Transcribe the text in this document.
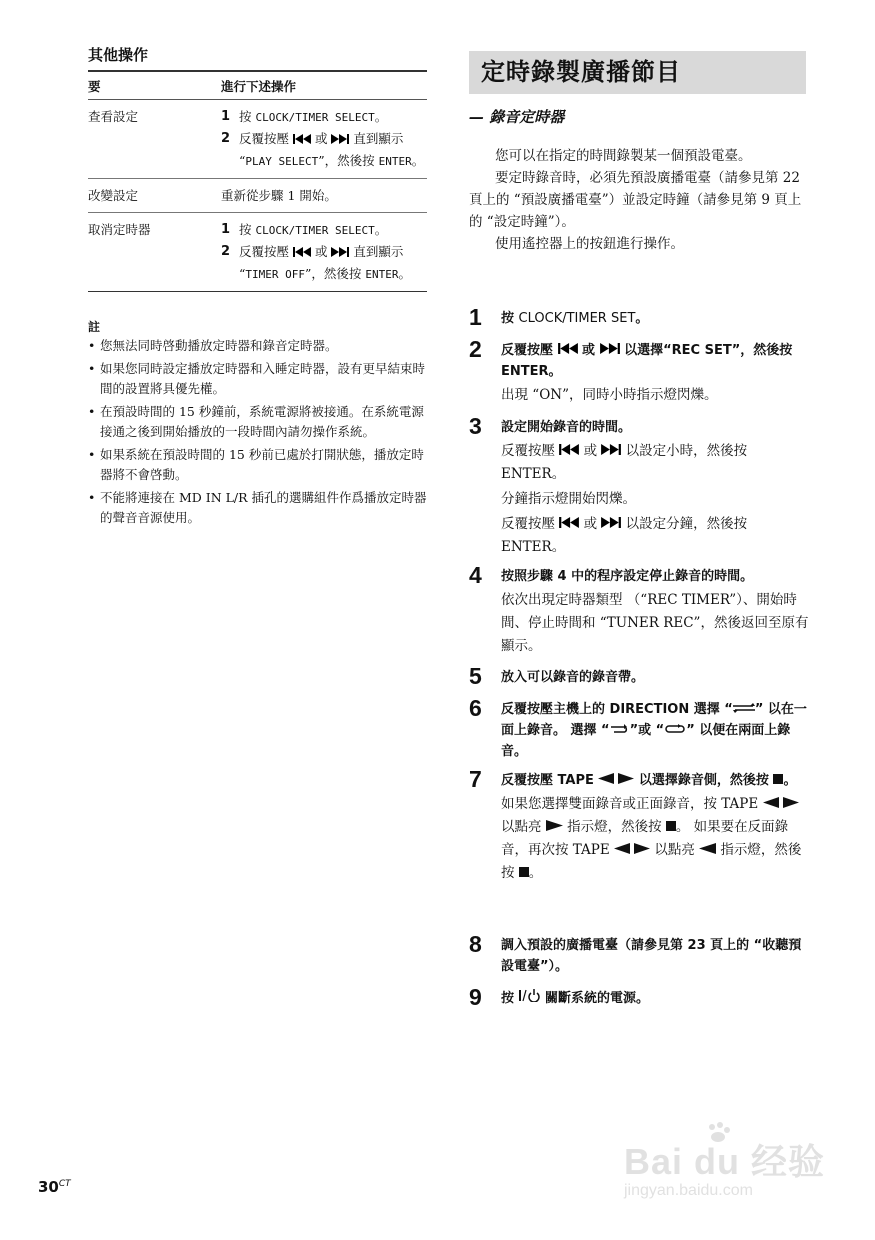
其他操作
要	進行下述操作
查看設定	1 按 CLOCK/TIMER SELECT。
2 反覆按壓  或  直到顯示 “PLAY SELECT”，然後按 ENTER。

改變設定	重新從步驟 1 開始。
取消定時器	1 按 CLOCK/TIMER SELECT。
2 反覆按壓  或  直到顯示 “TIMER OFF”，然後按 ENTER。
註
• 您無法同時啓動播放定時器和錄音定時器。
• 如果您同時設定播放定時器和入睡定時器，設有更早結束時間的設置將具優先權。
• 在預設時間的 15 秒鐘前，系統電源將被接通。在系統電源接通之後到開始播放的一段時間內請勿操作系統。
• 如果系統在預設時間的 15 秒前已處於打開狀態，播放定時器將不會啓動。
• 不能將連接在 MD IN L/R 插孔的選購組件作爲播放定時器的聲音音源使用。
定時錄製廣播節目
— 錄音定時器

您可以在指定的時間錄製某一個預設電臺。

要定時錄音時，必須先預設廣播電臺（請參見第 22 頁上的 “預設廣播電臺”）並設定時鐘（請參見第 9 頁上的 “設定時鐘”）。

使用遙控器上的按鈕進行操作。

1 按 CLOCK/TIMER SET。
2 反覆按壓  或  以選擇“REC SET”，然後按 ENTER。
出現 “ON”，同時小時指示燈閃爍。
3 設定開始錄音的時間。
反覆按壓  或  以設定小時，然後按 ENTER。
分鐘指示燈開始閃爍。
反覆按壓  或  以設定分鐘，然後按 ENTER。
4 按照步驟 4 中的程序設定停止錄音的時間。
依次出現定時器類型 （“REC TIMER”）、開始時間、停止時間和 “TUNER REC”，然後返回至原有顯示。
5 放入可以錄音的錄音帶。
6 反覆按壓主機上的 DIRECTION 選擇 “ ” 以在一面上錄音。 選擇 “ ”或 “ ” 以便在兩面上錄音。
7 反覆按壓 TAPE	以選擇錄音側，然後按 。
如果您選擇雙面錄音或正面錄音，按 TAPE  以點亮  指示燈，然後按 。 如果要在反面錄音，再次按 TAPE	以點亮  指示燈，然後按 。
8 調入預設的廣播電臺（請參見第 23 頁上的 “收聽預設電臺”）。
9 按  關斷系統的電源。
$30^{CT}$
Bai du 经验
jingyan.baidu.com
